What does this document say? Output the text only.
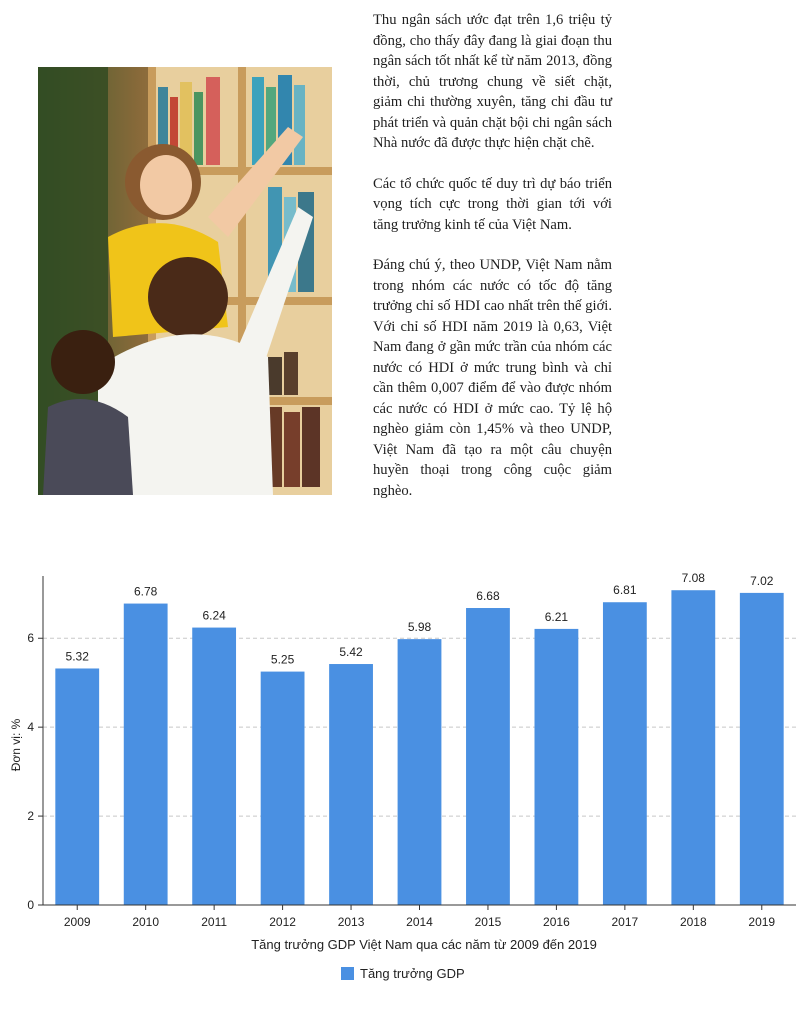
Thu ngân sách ước đạt trên 1,6 triệu tỷ đồng, cho thấy đây đang là giai đoạn thu ngân sách tốt nhất kể từ năm 2013, đồng thời, chủ trương chung về siết chặt, giảm chi thường xuyên, tăng chi đầu tư phát triển và quản chặt bội chi ngân sách Nhà nước đã được thực hiện chặt chẽ.

Các tổ chức quốc tế duy trì dự báo triển vọng tích cực trong thời gian tới với tăng trưởng kinh tế của Việt Nam.

Đáng chú ý, theo UNDP, Việt Nam nằm trong nhóm các nước có tốc độ tăng trưởng chỉ số HDI cao nhất trên thế giới. Với chỉ số HDI năm 2019 là 0,63, Việt Nam đang ở gần mức trần của nhóm các nước có HDI ở mức trung bình và chỉ cần thêm 0,007 điểm để vào được nhóm các nước có HDI ở mức cao. Tỷ lệ hộ nghèo giảm còn 1,45% và theo UNDP, Việt Nam đã tạo ra một câu chuyện huyền thoại trong công cuộc giảm nghèo.

5.32
6.78
6.24
5.25
5.42
5.98
6.68
6.21
6.81
7.08	7.02
2009	2010	2011	2012	2013	2014	2015	2016	2017	2018	2019
0
2
4
6
Đơn vị: %
Tăng trưởng GDP Việt Nam qua các năm từ 2009 đến 2019
Tăng trưởng GDP
